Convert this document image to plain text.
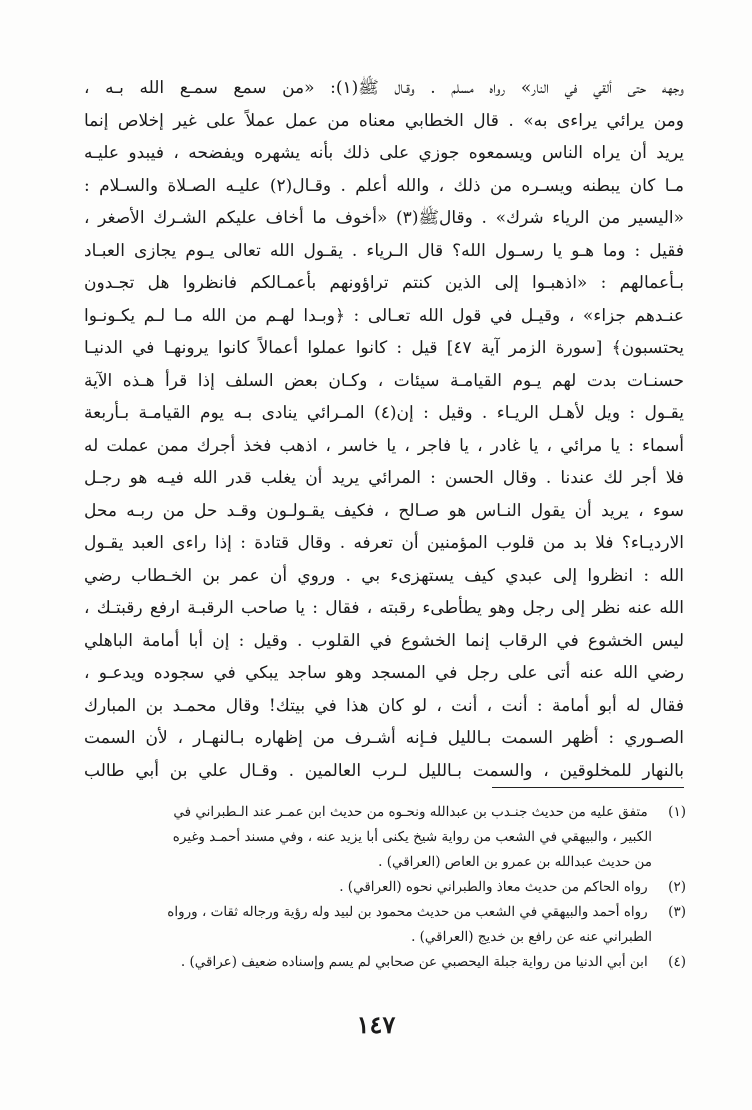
وجهه حتى ألقي في النار» رواه مسلم . وقـال ﷺ(١): «من سمع سمـع الله بـه ،
ومن يرائي يراءى به» . قال الخطابي معناه من عمل عملاً على غير إخلاص إنما
يريد أن يراه الناس ويسمعوه جوزي على ذلك بأنه يشهره ويفضحه ، فيبدو عليـه
مـا كان يبطنه ويسـره من ذلك ، والله أعلم . وقـال(٢) عليـه الصـلاة والسـلام :
«اليسير من الرياء شرك» . وقالﷺ(٣) «أخوف ما أخاف عليكم الشـرك الأصغر ،
فقيل : وما هـو يا رسـول الله؟ قال الـرياء . يقـول الله تعالى يـوم يجازى العبـاد
بـأعمالهم : «اذهبـوا إلى الذين كنتم تراؤونهم بأعمـالكم فانظروا هل تجـدون
عنـدهم جزاء» ، وقيـل في قول الله تعـالى : ﴿وبـدا لهـم من الله مـا لـم يكـونـوا
يحتسبون﴾ [سورة الزمر آية ٤٧] قيل : كانوا عملوا أعمالاً كانوا يرونهـا في الدنيـا
حسنـات بدت لهم يـوم القيامـة سيئات ، وكـان بعض السلف إذا قرأ هـذه الآية
يقـول : ويل لأهـل الريـاء . وقيل : إن(٤) المـرائي ينادى بـه يوم القيامـة بـأربعة
أسماء : يا مرائي ، يا غادر ، يا فاجر ، يا خاسر ، اذهب فخذ أجرك ممن عملت له
فلا أجر لك عندنا . وقال الحسن : المرائي يريد أن يغلب قدر الله فيـه هو رجـل
سوء ، يريد أن يقول النـاس هو صـالح ، فكيف يقـولـون وقـد حل من ربـه محل
الارديـاء؟ فلا بد من قلوب المؤمنين أن تعرفه . وقال قتادة : إذا راءى العبد يقـول
الله : انظروا إلى عبدي كيف يستهزىء بي . وروي أن عمر بن الخـطاب رضي
الله عنه نظر إلى رجل وهو يطأطىء رقبته ، فقال : يا صاحب الرقبـة ارفع رقبتـك ،
ليس الخشوع في الرقاب إنما الخشوع في القلوب . وقيل : إن أبا أمامة الباهلي
رضي الله عنه أتى على رجل في المسجد وهو ساجد يبكي في سجوده ويدعـو ،
فقال له أبو أمامة : أنت ، أنت ، لو كان هذا في بيتك! وقال محمـد بن المبارك
الصـوري : أظهر السمت بـالليل فـإنه أشـرف من إظهاره بـالنهـار ، لأن السمت
بالنهار للمخلوقين ، والسمت بـالليل لـرب العالمين . وقـال علي بن أبي طالب
(١) متفق عليه من حديث جنـدب بن عبدالله ونحـوه من حديث ابن عمـر عند الـطبراني في
الكبير ، والبيهقي في الشعب من رواية شيخ يكنى أبا يزيد عنه ، وفي مسند أحمـد وغيره
من حديث عبدالله بن عمرو بن العاص (العراقي) .
(٢) رواه الحاكم من حديث معاذ والطبراني نحوه (العراقي) .
(٣) رواه أحمد والبيهقي في الشعب من حديث محمود بن لبيد وله رؤية ورجاله ثقات ، ورواه
الطبراني عنه عن رافع بن خديج (العراقي) .
(٤) ابن أبي الدنيا من رواية جبلة اليحصبي عن صحابي لم يسم وإسناده ضعيف (عراقي) .
١٤٧
